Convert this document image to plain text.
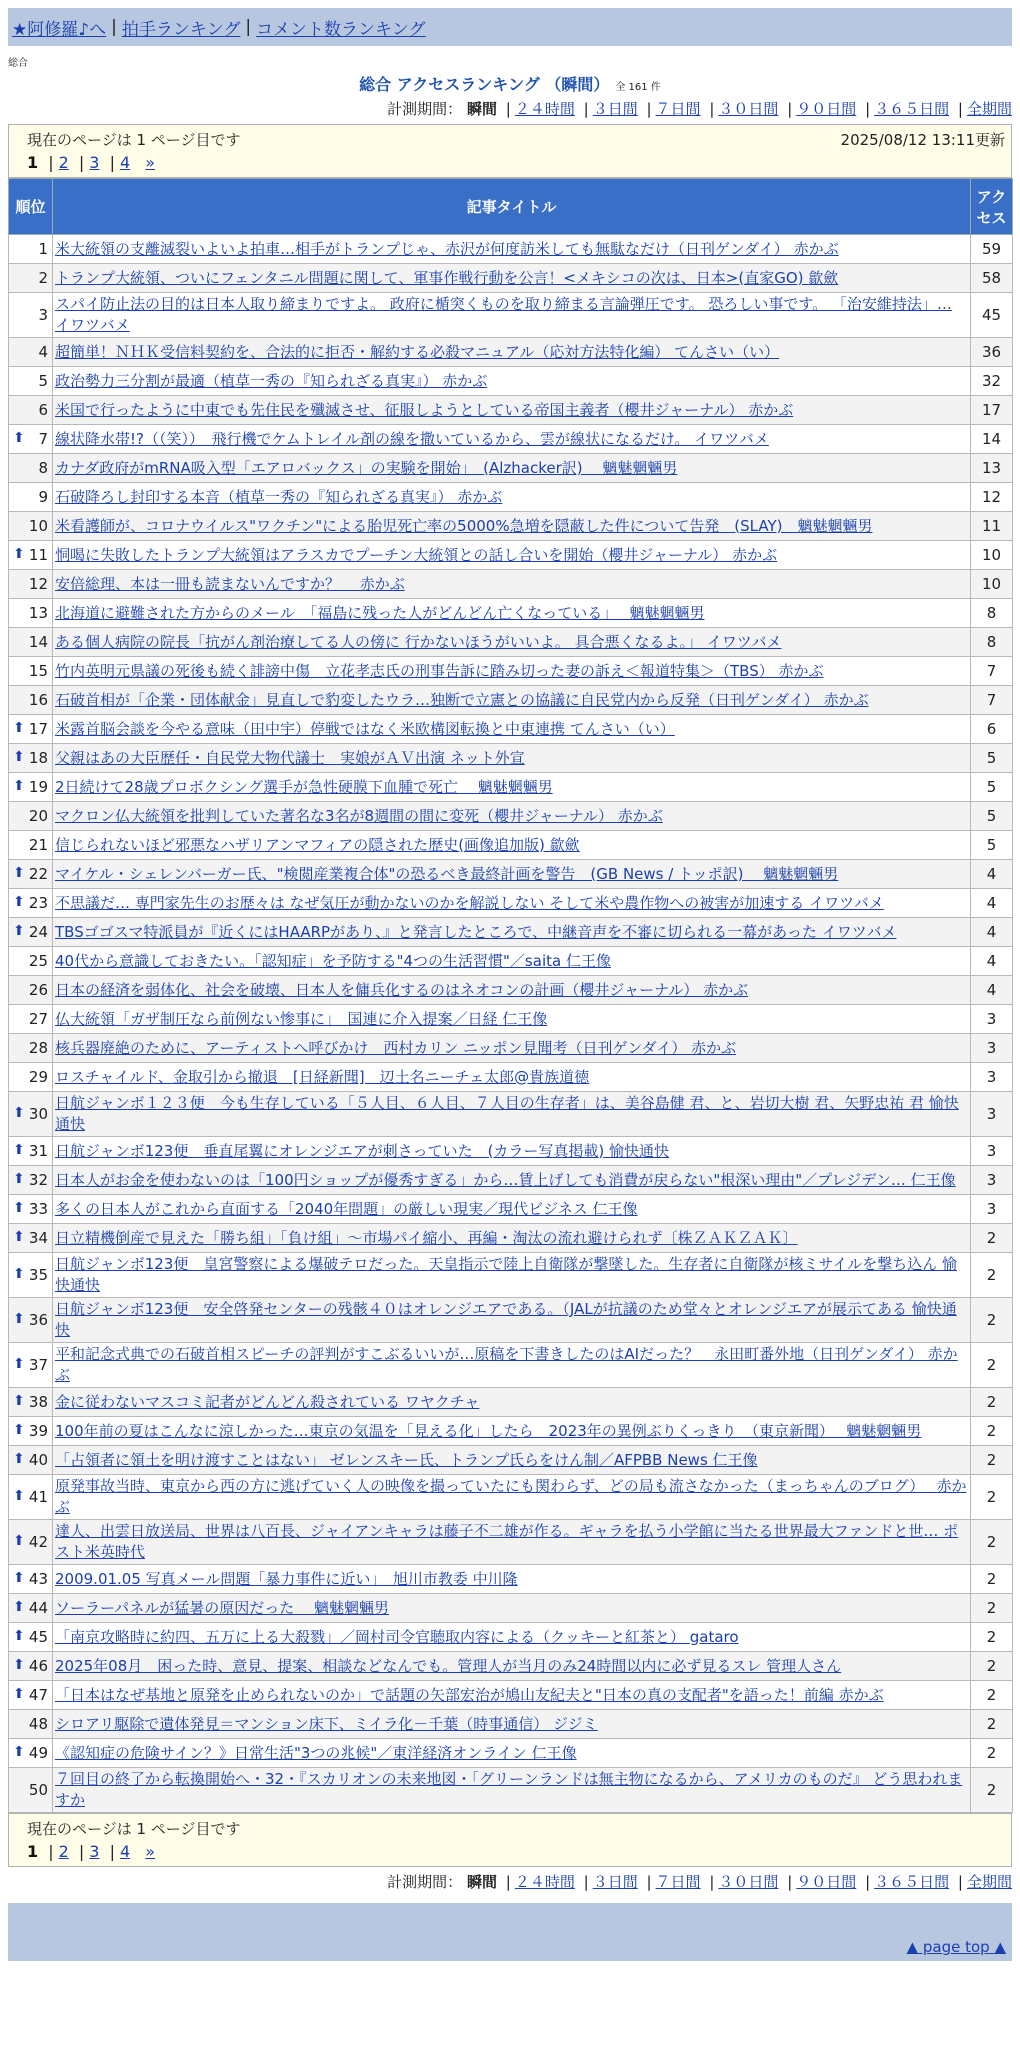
★阿修羅♪へ | 拍手ランキング | コメント数ランキング
総合
総合 アクセスランキング （瞬間） 全 161 件
計測期間： 瞬間 | ２４時間 | ３日間 | ７日間 | ３０日間 | ９０日間 | ３６５日間 | 全期間
現在のページは 1 ページ目です	2025/08/12 13:11更新
1 | 2 | 3 | 4 »
順位	記事タイトル	アクセス
1	米大統領の支離滅裂いよいよ拍車…相手がトランプじゃ、赤沢が何度訪米しても無駄なだけ（日刊ゲンダイ） 赤かぶ	59
2	トランプ大統領、ついにフェンタニル問題に関して、軍事作戦行動を公言！<メキシコの次は、日本>(直家GO) 歙歛	58
3	スパイ防止法の目的は日本人取り締まりですよ。 政府に楯突くものを取り締まる言論弾圧です。 恐ろしい事です。 「治安維持法」… イワツバメ	45
4	超簡単！ＮＨＫ受信料契約を、合法的に拒否・解約する必殺マニュアル（応対方法特化編） てんさい（い）	36
5	政治勢力三分割が最適（植草一秀の『知られざる真実』） 赤かぶ	32
6	米国で行ったように中東でも先住民を殲滅させ、征服しようとしている帝国主義者（櫻井ジャーナル） 赤かぶ	17

⬆ 7	線状降水帯!?（（笑））　飛行機でケムトレイル剤の線を撒いているから、雲が線状になるだけ。 イワツバメ	14
8	カナダ政府がmRNA吸入型「エアロバックス」の実験を開始」　(Alzhacker訳)　 魑魅魍魎男	13
9	石破降ろし封印する本音（植草一秀の『知られざる真実』） 赤かぶ	12
10	米看護師が、コロナウイルス"ワクチン"による胎児死亡率の5000%急増を隠蔽した件について告発　(SLAY)　魑魅魍魎男	11

⬆ 11	恫喝に失敗したトランプ大統領はアラスカでプーチン大統領との話し合いを開始（櫻井ジャーナル） 赤かぶ	10
12	安倍総理、本は一冊も読まないんですか？　 赤かぶ	10
13	北海道に避難された方からのメール　「福島に残った人がどんどん亡くなっている」　 魑魅魍魎男	8
14	ある個人病院の院長「抗がん剤治療してる人の傍に 行かないほうがいいよ。 具合悪くなるよ。」 イワツバメ	8
15	竹内英明元県議の死後も続く誹謗中傷　立花孝志氏の刑事告訴に踏み切った妻の訴え＜報道特集＞（TBS） 赤かぶ	7
16	石破首相が「企業・団体献金」見直しで豹変したウラ…独断で立憲との協議に自民党内から反発（日刊ゲンダイ） 赤かぶ	7

⬆ 17	米露首脳会談を今やる意味（田中宇）停戦ではなく米欧構図転換と中東連携 てんさい（い）	6

⬆ 18	父親はあの大臣歴任・自民党大物代議士　実娘がＡＶ出演 ネット外宣	5

⬆ 19	2日続けて28歳プロボクシング選手が急性硬膜下血腫で死亡　 魑魅魍魎男	5
20	マクロン仏大統領を批判していた著名な3名が8週間の間に変死（櫻井ジャーナル） 赤かぶ	5
21	信じられないほど邪悪なハザリアンマフィアの隠された歴史(画像追加版) 歙歛	5

⬆ 22	マイケル・シェレンバーガー氏、"検閲産業複合体"の恐るべき最終計画を警告　(GB News / トッポ訳)　 魑魅魍魎男	4

⬆ 23	不思議だ… 専門家先生のお歴々は なぜ気圧が動かないのかを解説しない そして米や農作物への被害が加速する イワツバメ	4

⬆ 24	TBSゴゴスマ特派員が『近くにはHAARPがあり、』と発言したところで、中継音声を不審に切られる一幕があった イワツバメ	4
25	40代から意識しておきたい。「認知症」を予防する"4つの生活習慣"／saita 仁王像	4
26	日本の経済を弱体化、社会を破壊、日本人を傭兵化するのはネオコンの計画（櫻井ジャーナル） 赤かぶ	4
27	仏大統領「ガザ制圧なら前例ない惨事に」　国連に介入提案／日経 仁王像	3
28	核兵器廃絶のために、アーティストへ呼びかけ　西村カリン ニッポン見聞考（日刊ゲンダイ） 赤かぶ	3
29	ロスチャイルド、金取引から撤退　[日経新聞]　辺土名ニーチェ太郎@貴族道徳	3

⬆ 30	日航ジャンボ１２３便　今も生存している「５人目、６人目、７人目の生存者」は、美谷島健 君、と、岩切大樹 君、矢野忠祐 君 愉快通快	3

⬆ 31	日航ジャンボ123便　垂直尾翼にオレンジエアが刺さっていた　(カラー写真掲載) 愉快通快	3

⬆ 32	日本人がお金を使わないのは「100円ショップが優秀すぎる」から…賃上げしても消費が戻らない"根深い理由"／プレジデン… 仁王像	3

⬆ 33	多くの日本人がこれから直面する「2040年問題」の厳しい現実／現代ビジネス 仁王像	3

⬆ 34	日立精機倒産で見えた「勝ち組」「負け組」～市場パイ縮小、再編・淘汰の流れ避けられず〔株ＺＡＫＺＡＫ〕	2

⬆ 35	日航ジャンボ123便　皇宮警察による爆破テロだった。天皇指示で陸上自衛隊が撃墜した。生存者に自衛隊が核ミサイルを撃ち込ん 愉快通快	2

⬆ 36	日航ジャンボ123便　安全啓発センターの残骸４０はオレンジエアである。（JALが抗議のため堂々とオレンジエアが展示てある 愉快通快	2

⬆ 37	平和記念式典での石破首相スピーチの評判がすこぶるいいが…原稿を下書きしたのはAIだった？　永田町番外地（日刊ゲンダイ） 赤かぶ	2

⬆ 38	金に従わないマスコミ記者がどんどん殺されている ワヤクチャ	2

⬆ 39	100年前の夏はこんなに涼しかった…東京の気温を「見える化」したら　2023年の異例ぶりくっきり　（東京新聞）　 魑魅魍魎男	2

⬆ 40	「占領者に領土を明け渡すことはない」 ゼレンスキー氏、トランプ氏らをけん制／AFPBB News 仁王像	2

⬆ 41	原発事故当時、東京から西の方に逃げていく人の映像を撮っていたにも関わらず、どの局も流さなかった（まっちゃんのブログ）　 赤かぶ	2

⬆ 42	達人、出雲日放送局、世界は八百長、ジャイアンキャラは藤子不二雄が作る。ギャラを払う小学館に当たる世界最大ファンドと世… ポスト米英時代	2

⬆ 43	2009.01.05 写真メール問題「暴力事件に近い」　旭川市教委 中川隆	2

⬆ 44	ソーラーパネルが猛暑の原因だった　 魑魅魍魎男	2

⬆ 45	「南京攻略時に約四、五万に上る大殺戮」／岡村司令官聴取内容による（クッキーと紅茶と） gataro	2

⬆ 46	2025年08月　困った時、意見、提案、相談などなんでも。管理人が当月のみ24時間以内に必ず見るスレ 管理人さん	2

⬆ 47	「日本はなぜ基地と原発を止められないのか」で話題の矢部宏治が鳩山友紀夫と"日本の真の支配者"を語った！前編 赤かぶ	2
48	シロアリ駆除で遺体発見＝マンション床下、ミイラ化－千葉（時事通信） ジジミ	2

⬆ 49	《認知症の危険サイン？》日常生活"3つの兆候"／東洋経済オンライン 仁王像	2
50	７回目の終了から転換開始へ・32・『スカリオンの未来地図・「グリーンランドは無主物になるから、アメリカのものだ』 どう思われますか	2
現在のページは 1 ページ目です
1 | 2 | 3 | 4 »
計測期間： 瞬間 | ２４時間 | ３日間 | ７日間 | ３０日間 | ９０日間 | ３６５日間 | 全期間
▲ page top ▲
